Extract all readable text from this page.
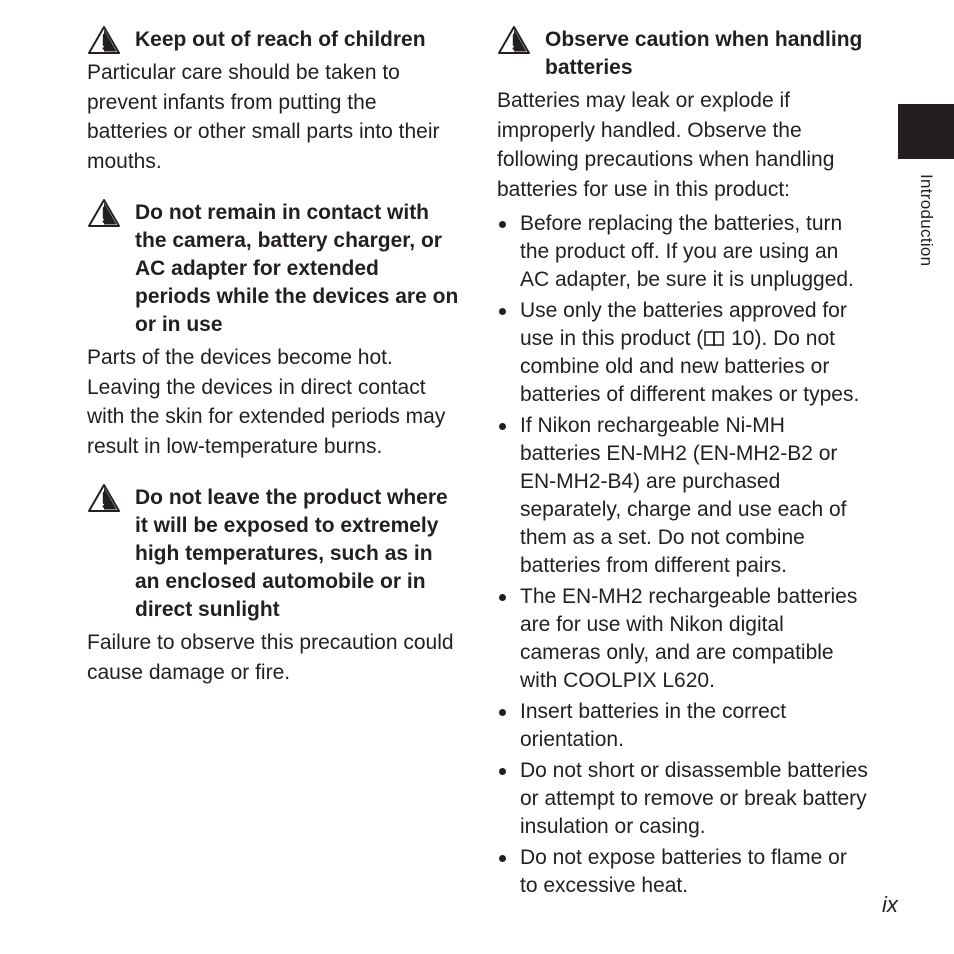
Keep out of reach of children

Particular care should be taken to prevent infants from putting the batteries or other small parts into their mouths.

Do not remain in contact with the camera, battery charger, or AC adapter for extended periods while the devices are on or in use

Parts of the devices become hot. Leaving the devices in direct contact with the skin for extended periods may result in low-temperature burns.

Do not leave the product where it will be exposed to extremely high temperatures, such as in an enclosed automobile or in direct sunlight

Failure to observe this precaution could cause damage or fire.

Observe caution when handling batteries

Batteries may leak or explode if improperly handled. Observe the following precautions when handling batteries for use in this product:

Before replacing the batteries, turn the product off. If you are using an AC adapter, be sure it is unplugged.
Use only the batteries approved for use in this product ( 10). Do not combine old and new batteries or batteries of different makes or types.
If Nikon rechargeable Ni-MH batteries EN-MH2 (EN-MH2-B2 or EN-MH2-B4) are purchased separately, charge and use each of them as a set. Do not combine batteries from different pairs.
The EN-MH2 rechargeable batteries are for use with Nikon digital cameras only, and are compatible with COOLPIX L620.
Insert batteries in the correct orientation.
Do not short or disassemble batteries or attempt to remove or break battery insulation or casing.
Do not expose batteries to flame or to excessive heat.
Introduction
ix
